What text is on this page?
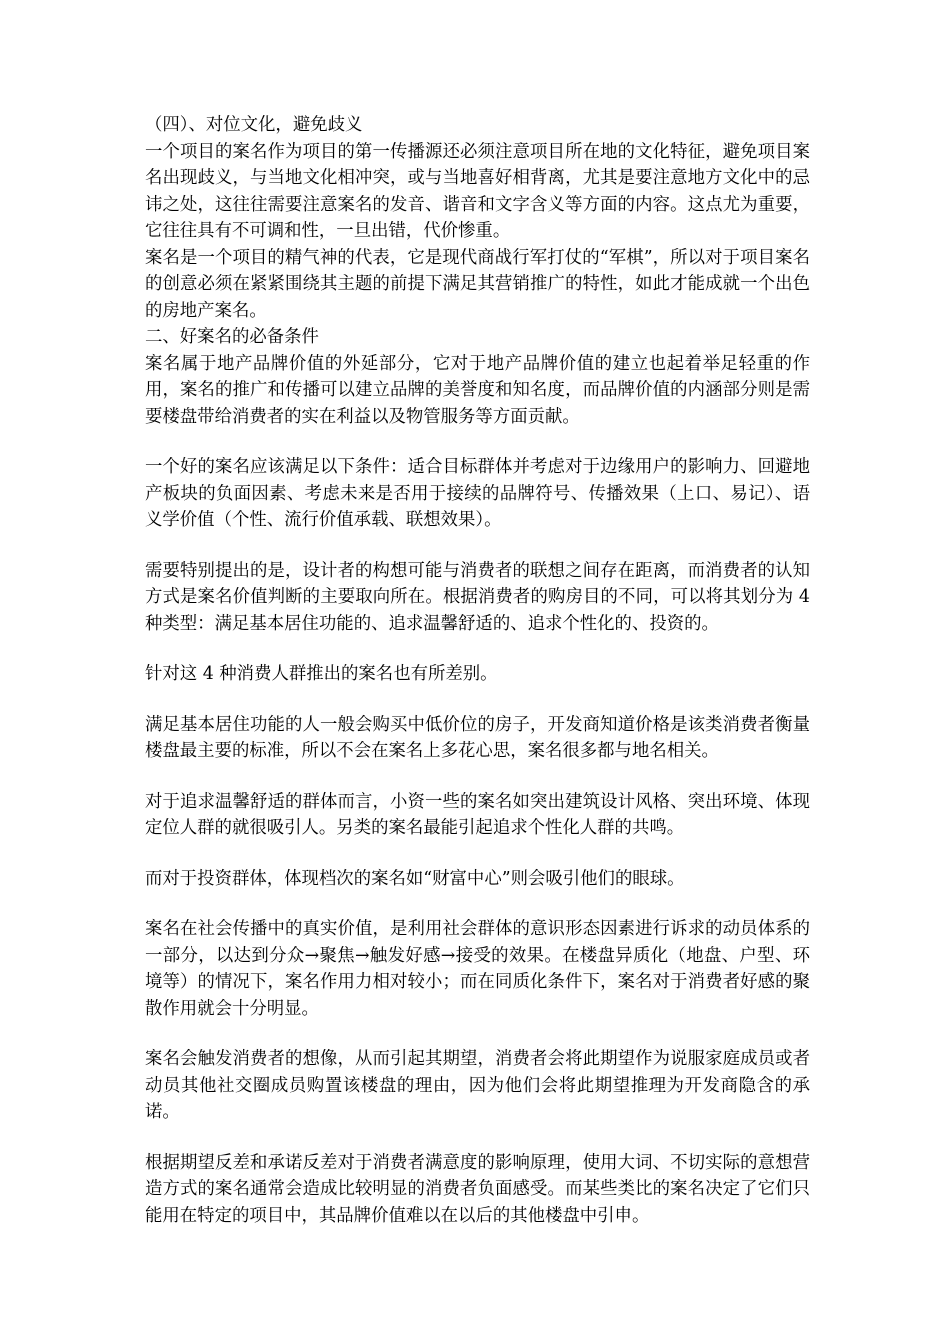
（四）、对位文化，避免歧义

一个项目的案名作为项目的第一传播源还必须注意项目所在地的文化特征，避免项目案名出现歧义，与当地文化相冲突，或与当地喜好相背离，尤其是要注意地方文化中的忌讳之处，这往往需要注意案名的发音、谐音和文字含义等方面的内容。这点尤为重要，它往往具有不可调和性，一旦出错，代价惨重。

案名是一个项目的精气神的代表，它是现代商战行军打仗的“军棋”，所以对于项目案名的创意必须在紧紧围绕其主题的前提下满足其营销推广的特性，如此才能成就一个出色的房地产案名。

二、好案名的必备条件

案名属于地产品牌价值的外延部分，它对于地产品牌价值的建立也起着举足轻重的作用，案名的推广和传播可以建立品牌的美誉度和知名度，而品牌价值的内涵部分则是需要楼盘带给消费者的实在利益以及物管服务等方面贡献。

一个好的案名应该满足以下条件：适合目标群体并考虑对于边缘用户的影响力、回避地产板块的负面因素、考虑未来是否用于接续的品牌符号、传播效果（上口、易记）、语义学价值（个性、流行价值承载、联想效果）。

需要特别提出的是，设计者的构想可能与消费者的联想之间存在距离，而消费者的认知方式是案名价值判断的主要取向所在。根据消费者的购房目的不同，可以将其划分为 4 种类型：满足基本居住功能的、追求温馨舒适的、追求个性化的、投资的。

针对这 4 种消费人群推出的案名也有所差别。

满足基本居住功能的人一般会购买中低价位的房子，开发商知道价格是该类消费者衡量楼盘最主要的标准，所以不会在案名上多花心思，案名很多都与地名相关。

对于追求温馨舒适的群体而言，小资一些的案名如突出建筑设计风格、突出环境、体现定位人群的就很吸引人。另类的案名最能引起追求个性化人群的共鸣。

而对于投资群体，体现档次的案名如“财富中心”则会吸引他们的眼球。

案名在社会传播中的真实价值，是利用社会群体的意识形态因素进行诉求的动员体系的一部分，以达到分众→聚焦→触发好感→接受的效果。在楼盘异质化（地盘、户型、环境等）的情况下，案名作用力相对较小；而在同质化条件下，案名对于消费者好感的聚散作用就会十分明显。

案名会触发消费者的想像，从而引起其期望，消费者会将此期望作为说服家庭成员或者动员其他社交圈成员购置该楼盘的理由，因为他们会将此期望推理为开发商隐含的承诺。

根据期望反差和承诺反差对于消费者满意度的影响原理，使用大词、不切实际的意想营造方式的案名通常会造成比较明显的消费者负面感受。而某些类比的案名决定了它们只能用在特定的项目中，其品牌价值难以在以后的其他楼盘中引申。
